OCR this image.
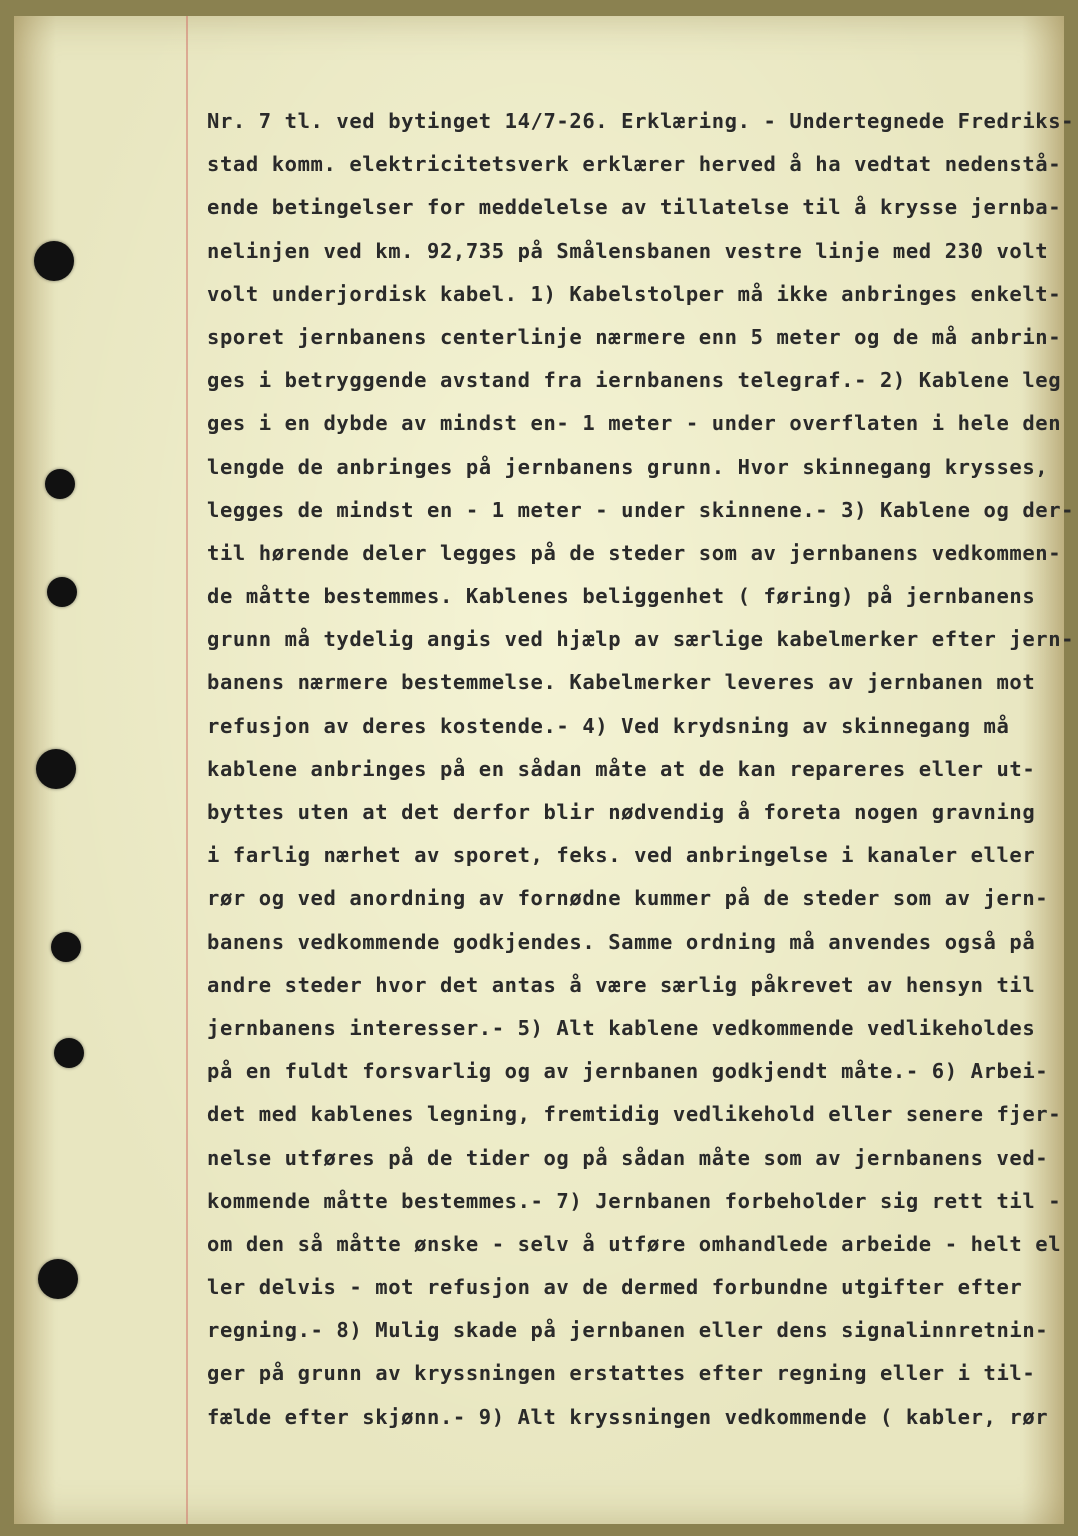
Nr. 7 tl. ved bytinget 14/7-26. Erklæring. - Undertegnede Fredriks-
stad komm. elektricitetsverk erklærer herved å ha vedtat nedenstå-
ende betingelser for meddelelse av tillatelse til å krysse jernba-
nelinjen ved km. 92,735 på Smålensbanen vestre linje med 230 volt
volt underjordisk kabel. 1) Kabelstolper må ikke anbringes enkelt-
sporet jernbanens centerlinje nærmere enn 5 meter og de må anbrin-
ges i betryggende avstand fra iernbanens telegraf.- 2) Kablene leg
ges i en dybde av mindst en- 1 meter - under overflaten i hele den
lengde de anbringes på jernbanens grunn. Hvor skinnegang krysses,
legges de mindst en - 1 meter - under skinnene.- 3) Kablene og der-
til hørende deler legges på de steder som av jernbanens vedkommen-
de måtte bestemmes. Kablenes beliggenhet ( føring) på jernbanens
grunn må tydelig angis ved hjælp av særlige kabelmerker efter jern-
banens nærmere bestemmelse. Kabelmerker leveres av jernbanen mot
refusjon av deres kostende.- 4) Ved krydsning av skinnegang må
kablene anbringes på en sådan måte at de kan repareres eller ut-
byttes uten at det derfor blir nødvendig å foreta nogen gravning
i farlig nærhet av sporet, feks. ved anbringelse i kanaler eller
rør og ved anordning av fornødne kummer på de steder som av jern-
banens vedkommende godkjendes. Samme ordning må anvendes også på
andre steder hvor det antas å være særlig påkrevet av hensyn til
jernbanens interesser.- 5) Alt kablene vedkommende vedlikeholdes
på en fuldt forsvarlig og av jernbanen godkjendt måte.- 6) Arbei-
det med kablenes legning, fremtidig vedlikehold eller senere fjer-
nelse utføres på de tider og på sådan måte som av jernbanens ved-
kommende måtte bestemmes.- 7) Jernbanen forbeholder sig rett til -
om den så måtte ønske - selv å utføre omhandlede arbeide - helt el
ler delvis - mot refusjon av de dermed forbundne utgifter efter
regning.- 8) Mulig skade på jernbanen eller dens signalinnretnin-
ger på grunn av kryssningen erstattes efter regning eller i til-
fælde efter skjønn.- 9) Alt kryssningen vedkommende ( kabler, rør
